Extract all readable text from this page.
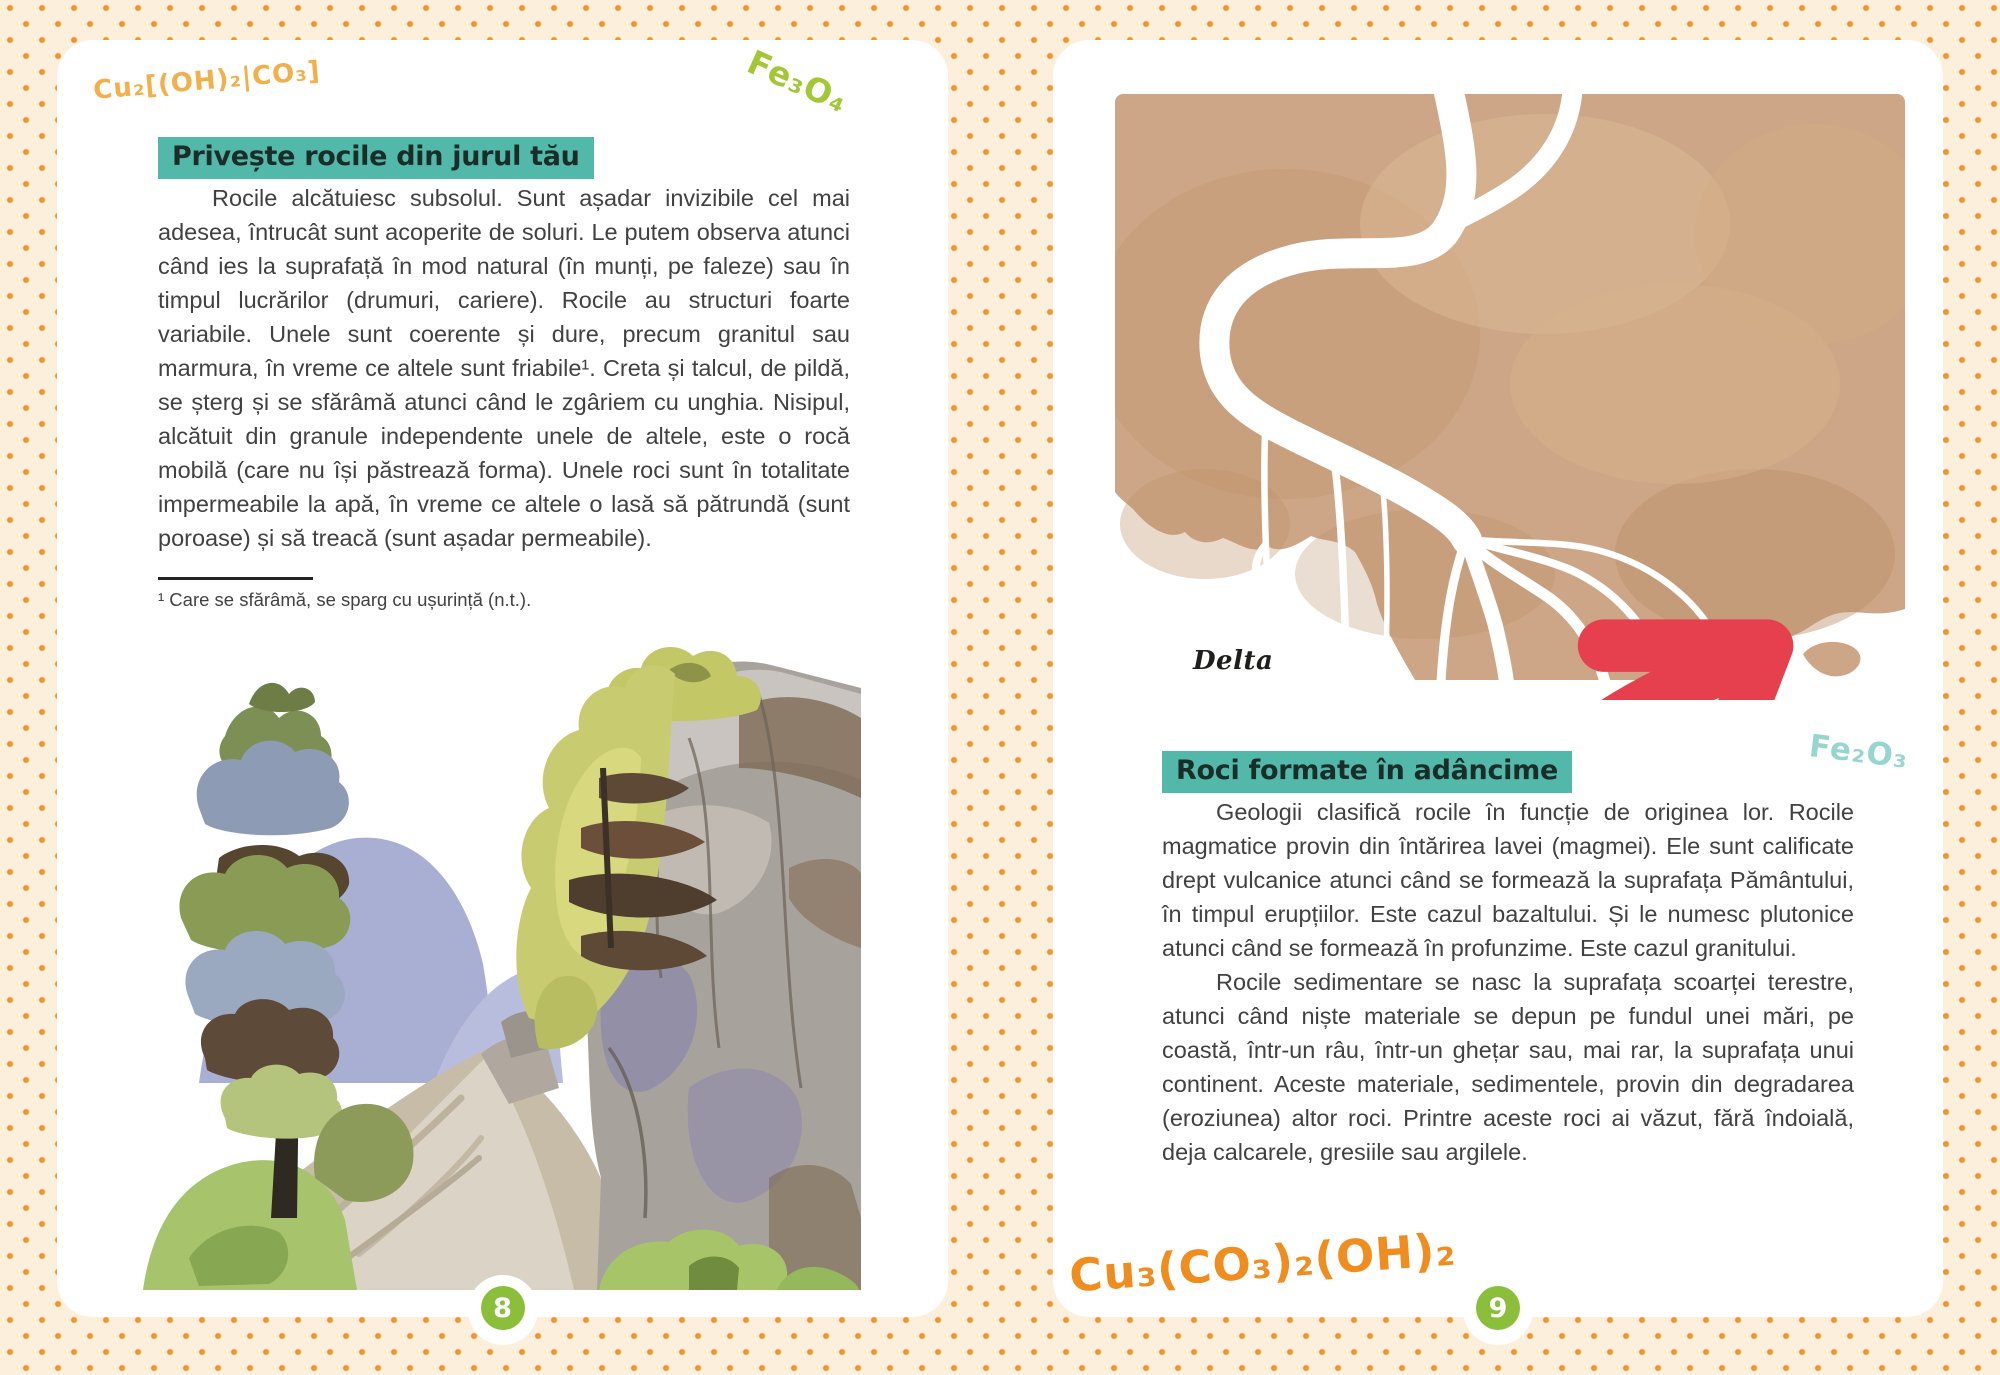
Cu₂[(OH)₂|CO₃]	Fe₃O₄
Privește rocile din jurul tău

Rocile alcătuiesc subsolul. Sunt așadar invizibile cel mai adesea, întrucât sunt acoperite de soluri. Le putem observa atunci când ies la suprafață în mod natural (în munți, pe faleze) sau în timpul lucrărilor (drumuri, cariere). Rocile au structuri foarte variabile. Unele sunt coerente și dure, precum granitul sau marmura, în vreme ce altele sunt friabile¹. Creta și talcul, de pildă, se șterg și se sfărâmă atunci când le zgâriem cu unghia. Nisipul, alcătuit din granule independente unele de altele, este o rocă mobilă (care nu își păstrează forma). Unele roci sunt în totalitate impermeabile la apă, în vreme ce altele o lasă să pătrundă (sunt poroase) și să treacă (sunt așadar permeabile).

¹ Care se sfărâmă, se sparg cu ușurință (n.t.).
8
Delta
Fe₂O₃
Roci formate în adâncime

Geologii clasifică rocile în funcție de originea lor. Rocile magmatice provin din întărirea lavei (magmei). Ele sunt calificate drept vulcanice atunci când se formează la suprafața Pământului, în timpul erupțiilor. Este cazul bazaltului. Și le numesc plutonice atunci când se formează în profunzime. Este cazul granitului.

Rocile sedimentare se nasc la suprafața scoarței terestre, atunci când niște materiale se depun pe fundul unei mări, pe coastă, într-un râu, într-un ghețar sau, mai rar, la suprafața unui continent. Aceste materiale, sedimentele, provin din degradarea (eroziunea) altor roci. Printre aceste roci ai văzut, fără îndoială, deja calcarele, gresiile sau argilele.

Cu₃(CO₃)₂(OH)₂
9
